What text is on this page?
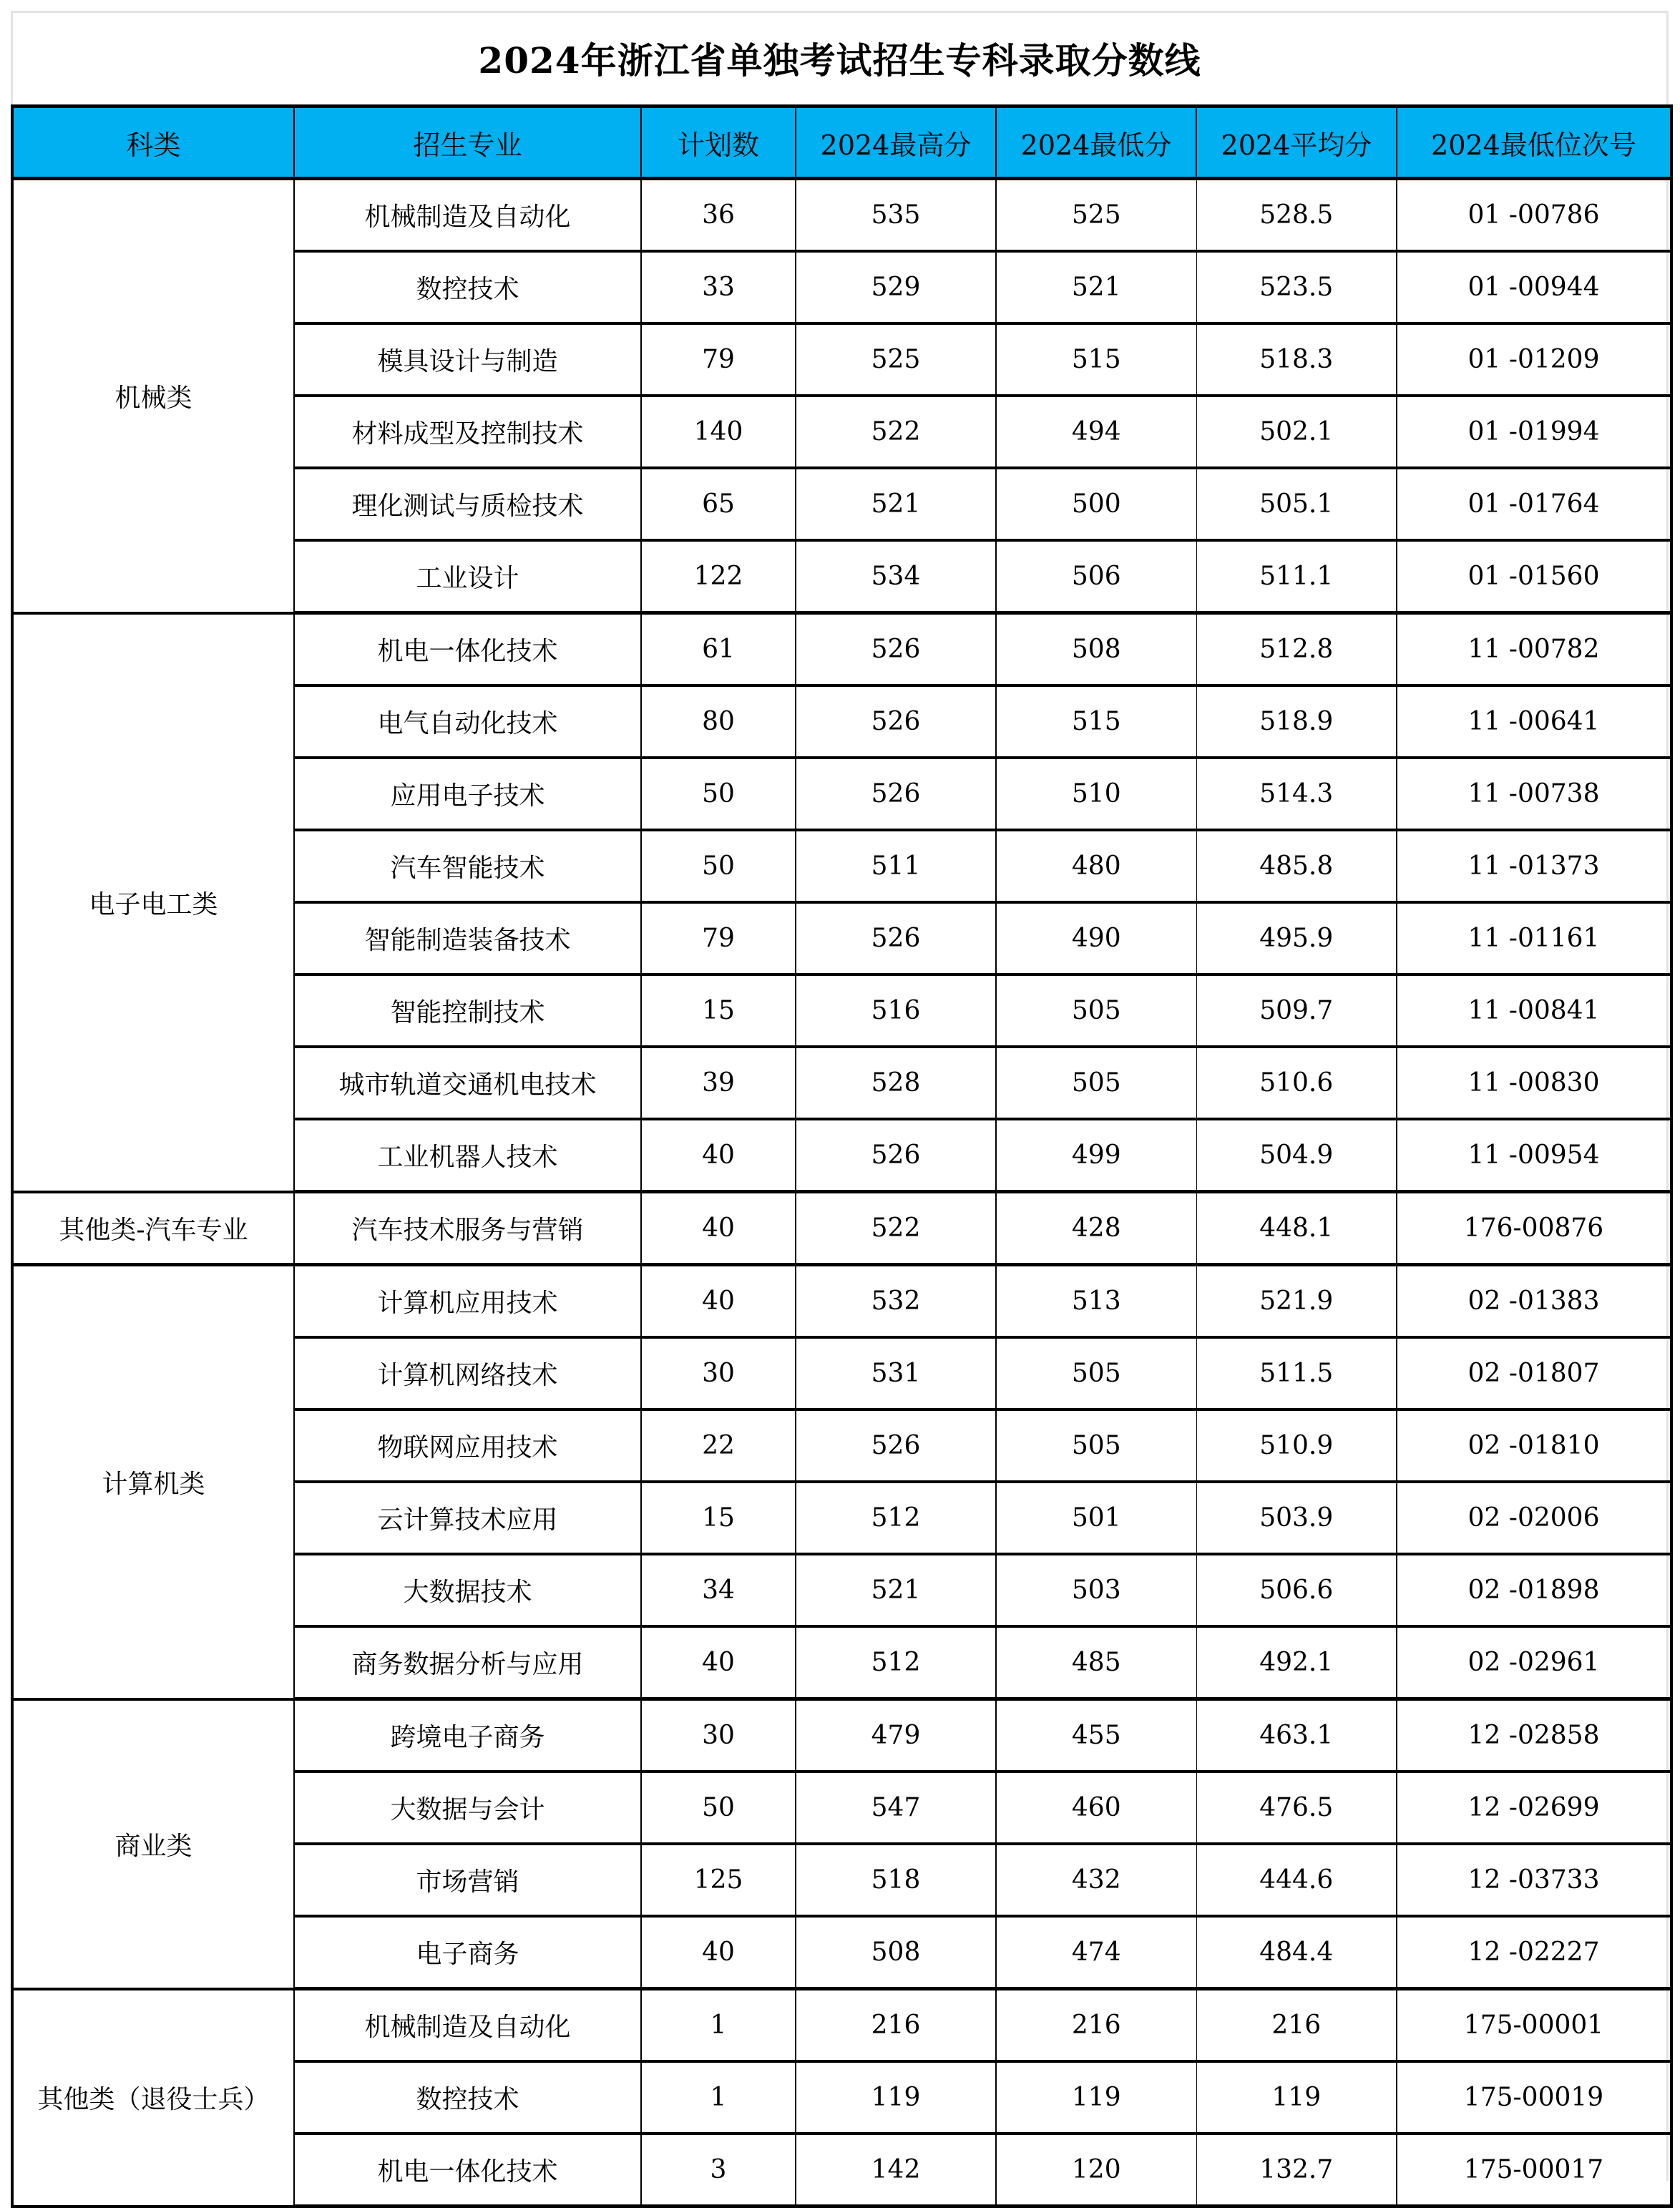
2024年浙江省单独考试招生专科录取分数线
科类	招生专业	计划数	2024最高分	2024最低分	2024平均分	2024最低位次号
机械类	机械制造及自动化	36	535	525	528.5	01 -00786
	数控技术	33	529	521	523.5	01 -00944
	模具设计与制造	79	525	515	518.3	01 -01209
	材料成型及控制技术	140	522	494	502.1	01 -01994
	理化测试与质检技术	65	521	500	505.1	01 -01764
	工业设计	122	534	506	511.1	01 -01560
电子电工类	机电一体化技术	61	526	508	512.8	11 -00782
	电气自动化技术	80	526	515	518.9	11 -00641
	应用电子技术	50	526	510	514.3	11 -00738
	汽车智能技术	50	511	480	485.8	11 -01373
	智能制造装备技术	79	526	490	495.9	11 -01161
	智能控制技术	15	516	505	509.7	11 -00841
	城市轨道交通机电技术	39	528	505	510.6	11 -00830
	工业机器人技术	40	526	499	504.9	11 -00954
其他类-汽车专业	汽车技术服务与营销	40	522	428	448.1	176-00876
计算机类	计算机应用技术	40	532	513	521.9	02 -01383
	计算机网络技术	30	531	505	511.5	02 -01807
	物联网应用技术	22	526	505	510.9	02 -01810
	云计算技术应用	15	512	501	503.9	02 -02006
	大数据技术	34	521	503	506.6	02 -01898
	商务数据分析与应用	40	512	485	492.1	02 -02961
商业类	跨境电子商务	30	479	455	463.1	12 -02858
	大数据与会计	50	547	460	476.5	12 -02699
	市场营销	125	518	432	444.6	12 -03733
	电子商务	40	508	474	484.4	12 -02227
其他类（退役士兵）	机械制造及自动化	1	216	216	216	175-00001
	数控技术	1	119	119	119	175-00019
	机电一体化技术	3	142	120	132.7	175-00017
